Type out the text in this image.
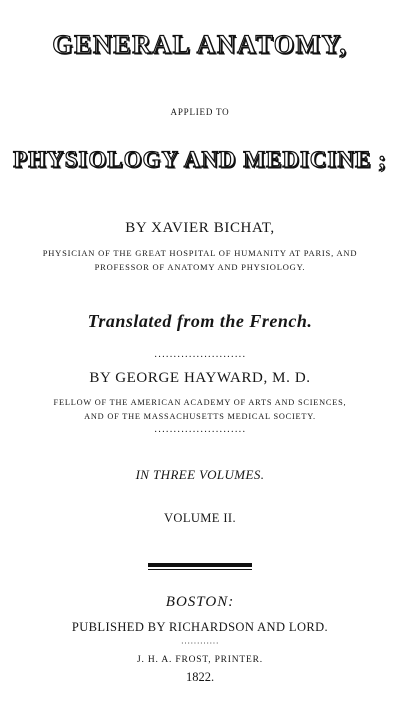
GENERAL ANATOMY,
APPLIED TO
PHYSIOLOGY AND MEDICINE ;
BY XAVIER BICHAT,
PHYSICIAN OF THE GREAT HOSPITAL OF HUMANITY AT PARIS, AND
PROFESSOR OF ANATOMY AND PHYSIOLOGY.
Translated from the French.
························
BY GEORGE HAYWARD, M. D.
FELLOW OF THE AMERICAN ACADEMY OF ARTS AND SCIENCES,
AND OF THE MASSACHUSETTS MEDICAL SOCIETY.
························
IN THREE VOLUMES.
VOLUME II.
BOSTON:
PUBLISHED BY RICHARDSON AND LORD.
············
J. H. A. FROST, PRINTER.
1822.
